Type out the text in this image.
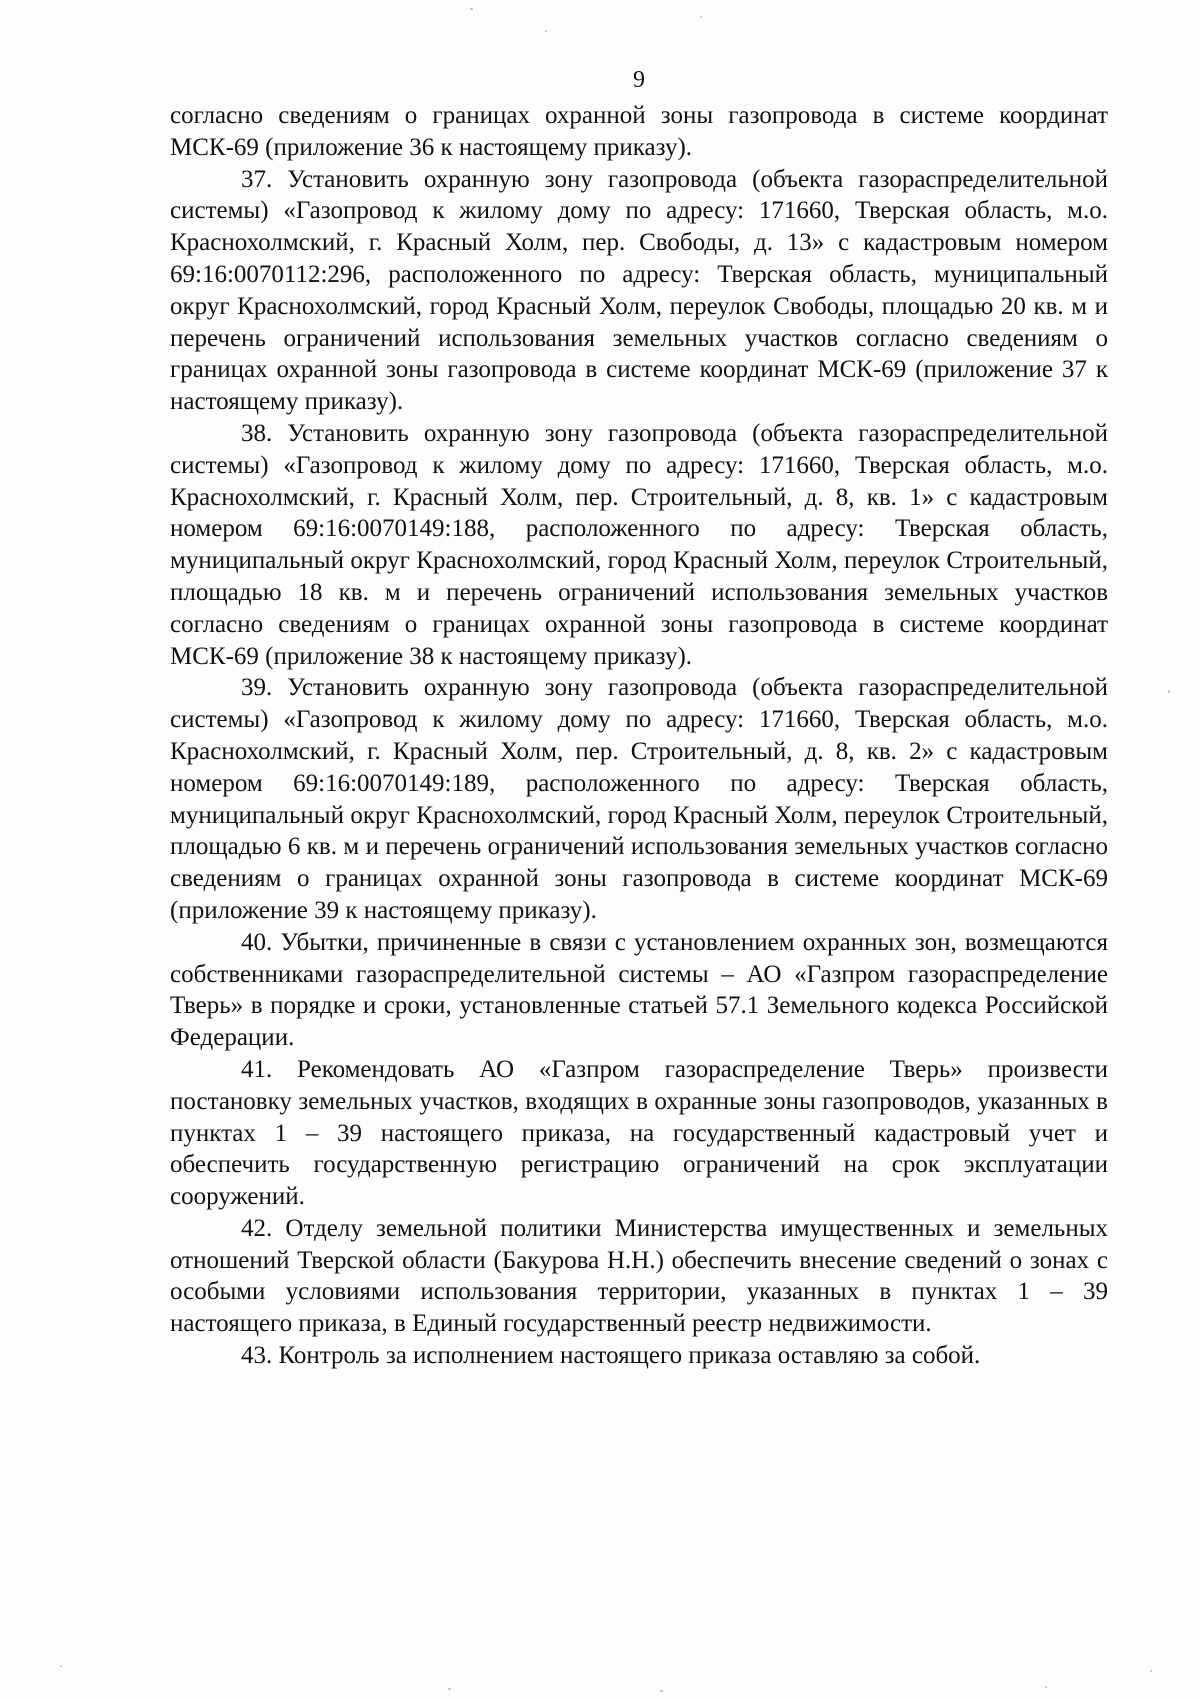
9

согласно сведениям о границах охранной зоны газопровода в системе координат МСК-69 (приложение 36 к настоящему приказу).

37. Установить охранную зону газопровода (объекта газораспределительной системы) «Газопровод к жилому дому по адресу: 171660, Тверская область, м.о. Краснохолмский, г. Красный Холм, пер. Свободы, д. 13» с кадастровым номером 69:16:0070112:296, расположенного по адресу: Тверская область, муниципальный округ Краснохолмский, город Красный Холм, переулок Свободы, площадью 20 кв. м и перечень ограничений использования земельных участков согласно сведениям о границах охранной зоны газопровода в системе координат МСК-69 (приложение 37 к настоящему приказу).

38. Установить охранную зону газопровода (объекта газораспределительной системы) «Газопровод к жилому дому по адресу: 171660, Тверская область, м.о. Краснохолмский, г. Красный Холм, пер. Строительный, д. 8, кв. 1» с кадастровым номером 69:16:0070149:188, расположенного по адресу: Тверская область, муниципальный округ Краснохолмский, город Красный Холм, переулок Строительный, площадью 18 кв. м и перечень ограничений использования земельных участков согласно сведениям о границах охранной зоны газопровода в системе координат МСК-69 (приложение 38 к настоящему приказу).

39. Установить охранную зону газопровода (объекта газораспределительной системы) «Газопровод к жилому дому по адресу: 171660, Тверская область, м.о. Краснохолмский, г. Красный Холм, пер. Строительный, д. 8, кв. 2» с кадастровым номером 69:16:0070149:189, расположенного по адресу: Тверская область, муниципальный округ Краснохолмский, город Красный Холм, переулок Строительный, площадью 6 кв. м и перечень ограничений использования земельных участков согласно сведениям о границах охранной зоны газопровода в системе координат МСК-69 (приложение 39 к настоящему приказу).

40. Убытки, причиненные в связи с установлением охранных зон, возмещаются собственниками газораспределительной системы – АО «Газпром газораспределение Тверь» в порядке и сроки, установленные статьей 57.1 Земельного кодекса Российской Федерации.

41. Рекомендовать АО «Газпром газораспределение Тверь» произвести постановку земельных участков, входящих в охранные зоны газопроводов, указанных в пунктах 1 – 39 настоящего приказа, на государственный кадастровый учет и обеспечить государственную регистрацию ограничений на срок эксплуатации сооружений.

42. Отделу земельной политики Министерства имущественных и земельных отношений Тверской области (Бакурова Н.Н.) обеспечить внесение сведений о зонах с особыми условиями использования территории, указанных в пунктах 1 – 39 настоящего приказа, в Единый государственный реестр недвижимости.

43. Контроль за исполнением настоящего приказа оставляю за собой.
